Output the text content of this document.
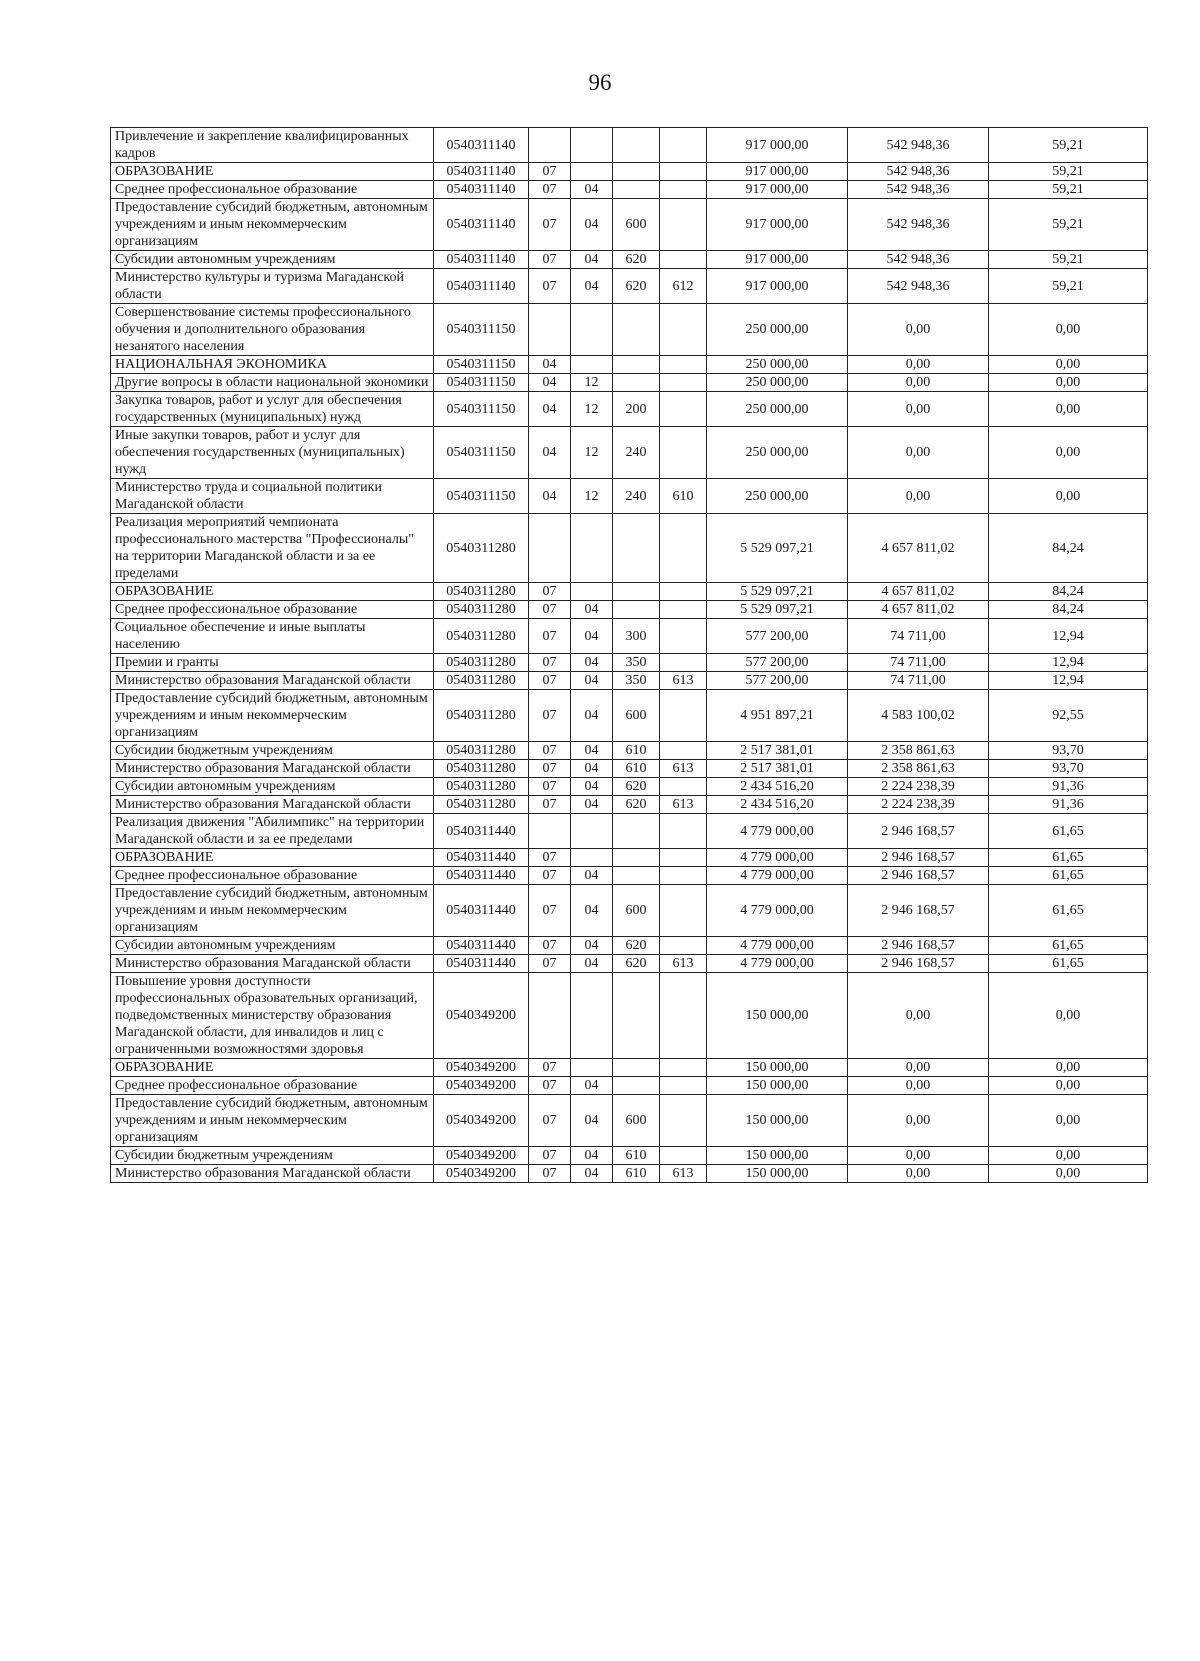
96
Привлечение и закрепление квалифицированных кадров	0540311140					917 000,00	542 948,36	59,21
ОБРАЗОВАНИЕ	0540311140	07				917 000,00	542 948,36	59,21
Среднее профессиональное образование	0540311140	07	04			917 000,00	542 948,36	59,21
Предоставление субсидий бюджетным, автономным учреждениям и иным некоммерческим организациям	0540311140	07	04	600		917 000,00	542 948,36	59,21
Субсидии автономным учреждениям	0540311140	07	04	620		917 000,00	542 948,36	59,21
Министерство культуры и туризма Магаданской области	0540311140	07	04	620	612	917 000,00	542 948,36	59,21
Совершенствование системы профессионального обучения и дополнительного образования незанятого населения	0540311150					250 000,00	0,00	0,00
НАЦИОНАЛЬНАЯ ЭКОНОМИКА	0540311150	04				250 000,00	0,00	0,00
Другие вопросы в области национальной экономики	0540311150	04	12			250 000,00	0,00	0,00
Закупка товаров, работ и услуг для обеспечения государственных (муниципальных) нужд	0540311150	04	12	200		250 000,00	0,00	0,00
Иные закупки товаров, работ и услуг для обеспечения государственных (муниципальных) нужд	0540311150	04	12	240		250 000,00	0,00	0,00
Министерство труда и социальной политики Магаданской области	0540311150	04	12	240	610	250 000,00	0,00	0,00
Реализация мероприятий чемпионата профессионального мастерства "Профессионалы" на территории Магаданской области и за ее пределами	0540311280					5 529 097,21	4 657 811,02	84,24
ОБРАЗОВАНИЕ	0540311280	07				5 529 097,21	4 657 811,02	84,24
Среднее профессиональное образование	0540311280	07	04			5 529 097,21	4 657 811,02	84,24
Социальное обеспечение и иные выплаты населению	0540311280	07	04	300		577 200,00	74 711,00	12,94
Премии и гранты	0540311280	07	04	350		577 200,00	74 711,00	12,94
Министерство образования Магаданской области	0540311280	07	04	350	613	577 200,00	74 711,00	12,94
Предоставление субсидий бюджетным, автономным учреждениям и иным некоммерческим организациям	0540311280	07	04	600		4 951 897,21	4 583 100,02	92,55
Субсидии бюджетным учреждениям	0540311280	07	04	610		2 517 381,01	2 358 861,63	93,70
Министерство образования Магаданской области	0540311280	07	04	610	613	2 517 381,01	2 358 861,63	93,70
Субсидии автономным учреждениям	0540311280	07	04	620		2 434 516,20	2 224 238,39	91,36
Министерство образования Магаданской области	0540311280	07	04	620	613	2 434 516,20	2 224 238,39	91,36
Реализация движения "Абилимпикс" на территории Магаданской области и за ее пределами	0540311440					4 779 000,00	2 946 168,57	61,65
ОБРАЗОВАНИЕ	0540311440	07				4 779 000,00	2 946 168,57	61,65
Среднее профессиональное образование	0540311440	07	04			4 779 000,00	2 946 168,57	61,65
Предоставление субсидий бюджетным, автономным учреждениям и иным некоммерческим организациям	0540311440	07	04	600		4 779 000,00	2 946 168,57	61,65
Субсидии автономным учреждениям	0540311440	07	04	620		4 779 000,00	2 946 168,57	61,65
Министерство образования Магаданской области	0540311440	07	04	620	613	4 779 000,00	2 946 168,57	61,65
Повышение уровня доступности профессиональных образовательных организаций, подведомственных министерству образования Магаданской области, для инвалидов и лиц с ограниченными возможностями здоровья	0540349200					150 000,00	0,00	0,00
ОБРАЗОВАНИЕ	0540349200	07				150 000,00	0,00	0,00
Среднее профессиональное образование	0540349200	07	04			150 000,00	0,00	0,00
Предоставление субсидий бюджетным, автономным учреждениям и иным некоммерческим организациям	0540349200	07	04	600		150 000,00	0,00	0,00
Субсидии бюджетным учреждениям	0540349200	07	04	610		150 000,00	0,00	0,00
Министерство образования Магаданской области	0540349200	07	04	610	613	150 000,00	0,00	0,00
